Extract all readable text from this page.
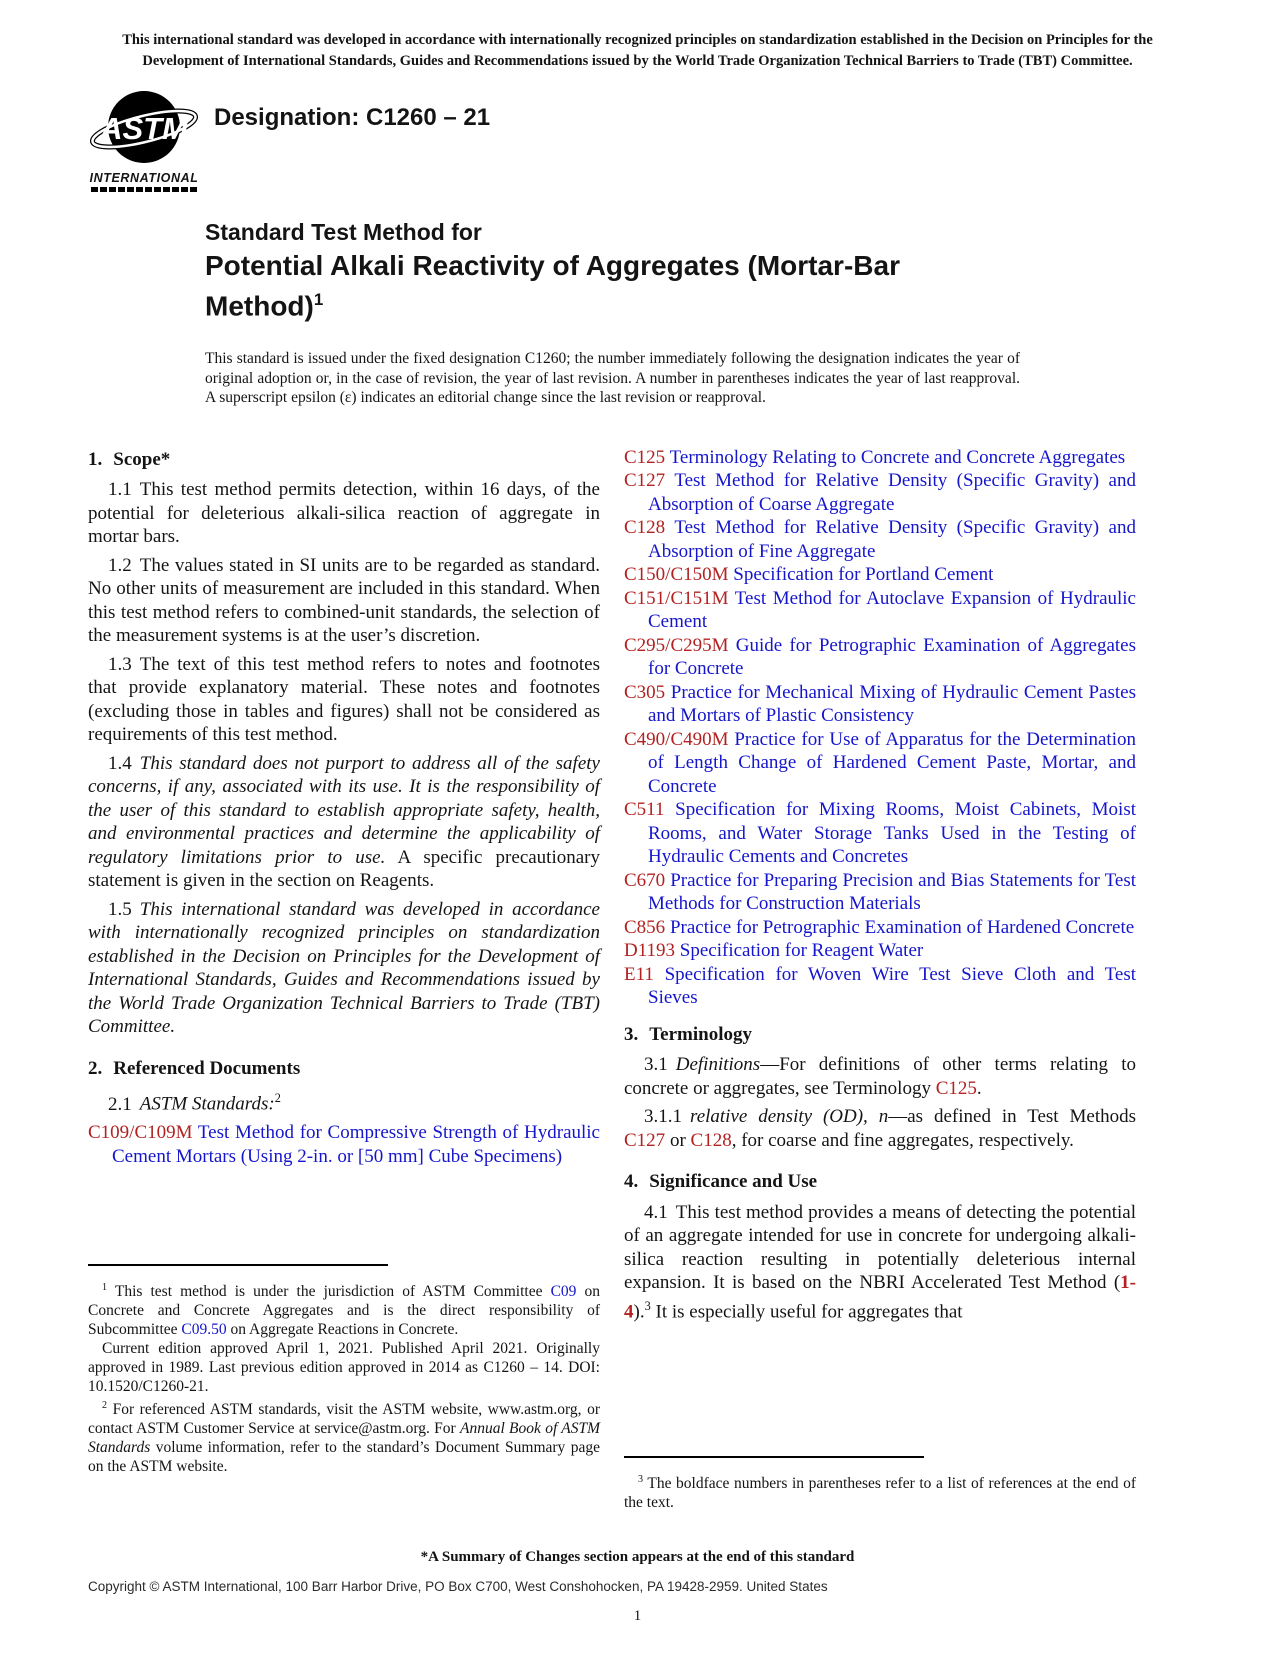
This international standard was developed in accordance with internationally recognized principles on standardization established in the Decision on Principles for the Development of International Standards, Guides and Recommendations issued by the World Trade Organization Technical Barriers to Trade (TBT) Committee.
ASTM
INTERNATIONAL
Designation: C1260 – 21
Standard Test Method for
Potential Alkali Reactivity of Aggregates (Mortar-Bar Method)$^1$
This standard is issued under the fixed designation C1260; the number immediately following the designation indicates the year of original adoption or, in the case of revision, the year of last revision. A number in parentheses indicates the year of last reapproval. A superscript epsilon (ε) indicates an editorial change since the last revision or reapproval.
1. Scope*

1.1 This test method permits detection, within 16 days, of the potential for deleterious alkali-silica reaction of aggregate in mortar bars.

1.2 The values stated in SI units are to be regarded as standard. No other units of measurement are included in this standard. When this test method refers to combined-unit standards, the selection of the measurement systems is at the user’s discretion.

1.3 The text of this test method refers to notes and footnotes that provide explanatory material. These notes and footnotes (excluding those in tables and figures) shall not be considered as requirements of this test method.

1.4 This standard does not purport to address all of the safety concerns, if any, associated with its use. It is the responsibility of the user of this standard to establish appropriate safety, health, and environmental practices and determine the applicability of regulatory limitations prior to use. A specific precautionary statement is given in the section on Reagents.

1.5 This international standard was developed in accordance with internationally recognized principles on standardization established in the Decision on Principles for the Development of International Standards, Guides and Recommendations issued by the World Trade Organization Technical Barriers to Trade (TBT) Committee.

2. Referenced Documents

2.1 ASTM Standards:$^2$

C109/C109M Test Method for Compressive Strength of Hydraulic Cement Mortars (Using 2-in. or [50 mm] Cube Specimens)

$^1$ This test method is under the jurisdiction of ASTM Committee C09 on Concrete and Concrete Aggregates and is the direct responsibility of Subcommittee C09.50 on Aggregate Reactions in Concrete.

Current edition approved April 1, 2021. Published April 2021. Originally approved in 1989. Last previous edition approved in 2014 as C1260 – 14. DOI: 10.1520/C1260-21.

$^2$ For referenced ASTM standards, visit the ASTM website, www.astm.org, or contact ASTM Customer Service at service@astm.org. For Annual Book of ASTM Standards volume information, refer to the standard’s Document Summary page on the ASTM website.

C125 Terminology Relating to Concrete and Concrete Aggregates
C127 Test Method for Relative Density (Specific Gravity) and Absorption of Coarse Aggregate
C128 Test Method for Relative Density (Specific Gravity) and Absorption of Fine Aggregate
C150/C150M Specification for Portland Cement
C151/C151M Test Method for Autoclave Expansion of Hydraulic Cement
C295/C295M Guide for Petrographic Examination of Aggregates for Concrete
C305 Practice for Mechanical Mixing of Hydraulic Cement Pastes and Mortars of Plastic Consistency
C490/C490M Practice for Use of Apparatus for the Determination of Length Change of Hardened Cement Paste, Mortar, and Concrete
C511 Specification for Mixing Rooms, Moist Cabinets, Moist Rooms, and Water Storage Tanks Used in the Testing of Hydraulic Cements and Concretes
C670 Practice for Preparing Precision and Bias Statements for Test Methods for Construction Materials
C856 Practice for Petrographic Examination of Hardened Concrete
D1193 Specification for Reagent Water
E11 Specification for Woven Wire Test Sieve Cloth and Test Sieves
3. Terminology

3.1 Definitions—For definitions of other terms relating to concrete or aggregates, see Terminology C125.

3.1.1 relative density (OD), n—as defined in Test Methods C127 or C128, for coarse and fine aggregates, respectively.

4. Significance and Use

4.1 This test method provides a means of detecting the potential of an aggregate intended for use in concrete for undergoing alkali-silica reaction resulting in potentially deleterious internal expansion. It is based on the NBRI Accelerated Test Method (1-4).$^3$ It is especially useful for aggregates that

$^3$ The boldface numbers in parentheses refer to a list of references at the end of the text.

*A Summary of Changes section appears at the end of this standard
Copyright © ASTM International, 100 Barr Harbor Drive, PO Box C700, West Conshohocken, PA 19428-2959. United States
1
